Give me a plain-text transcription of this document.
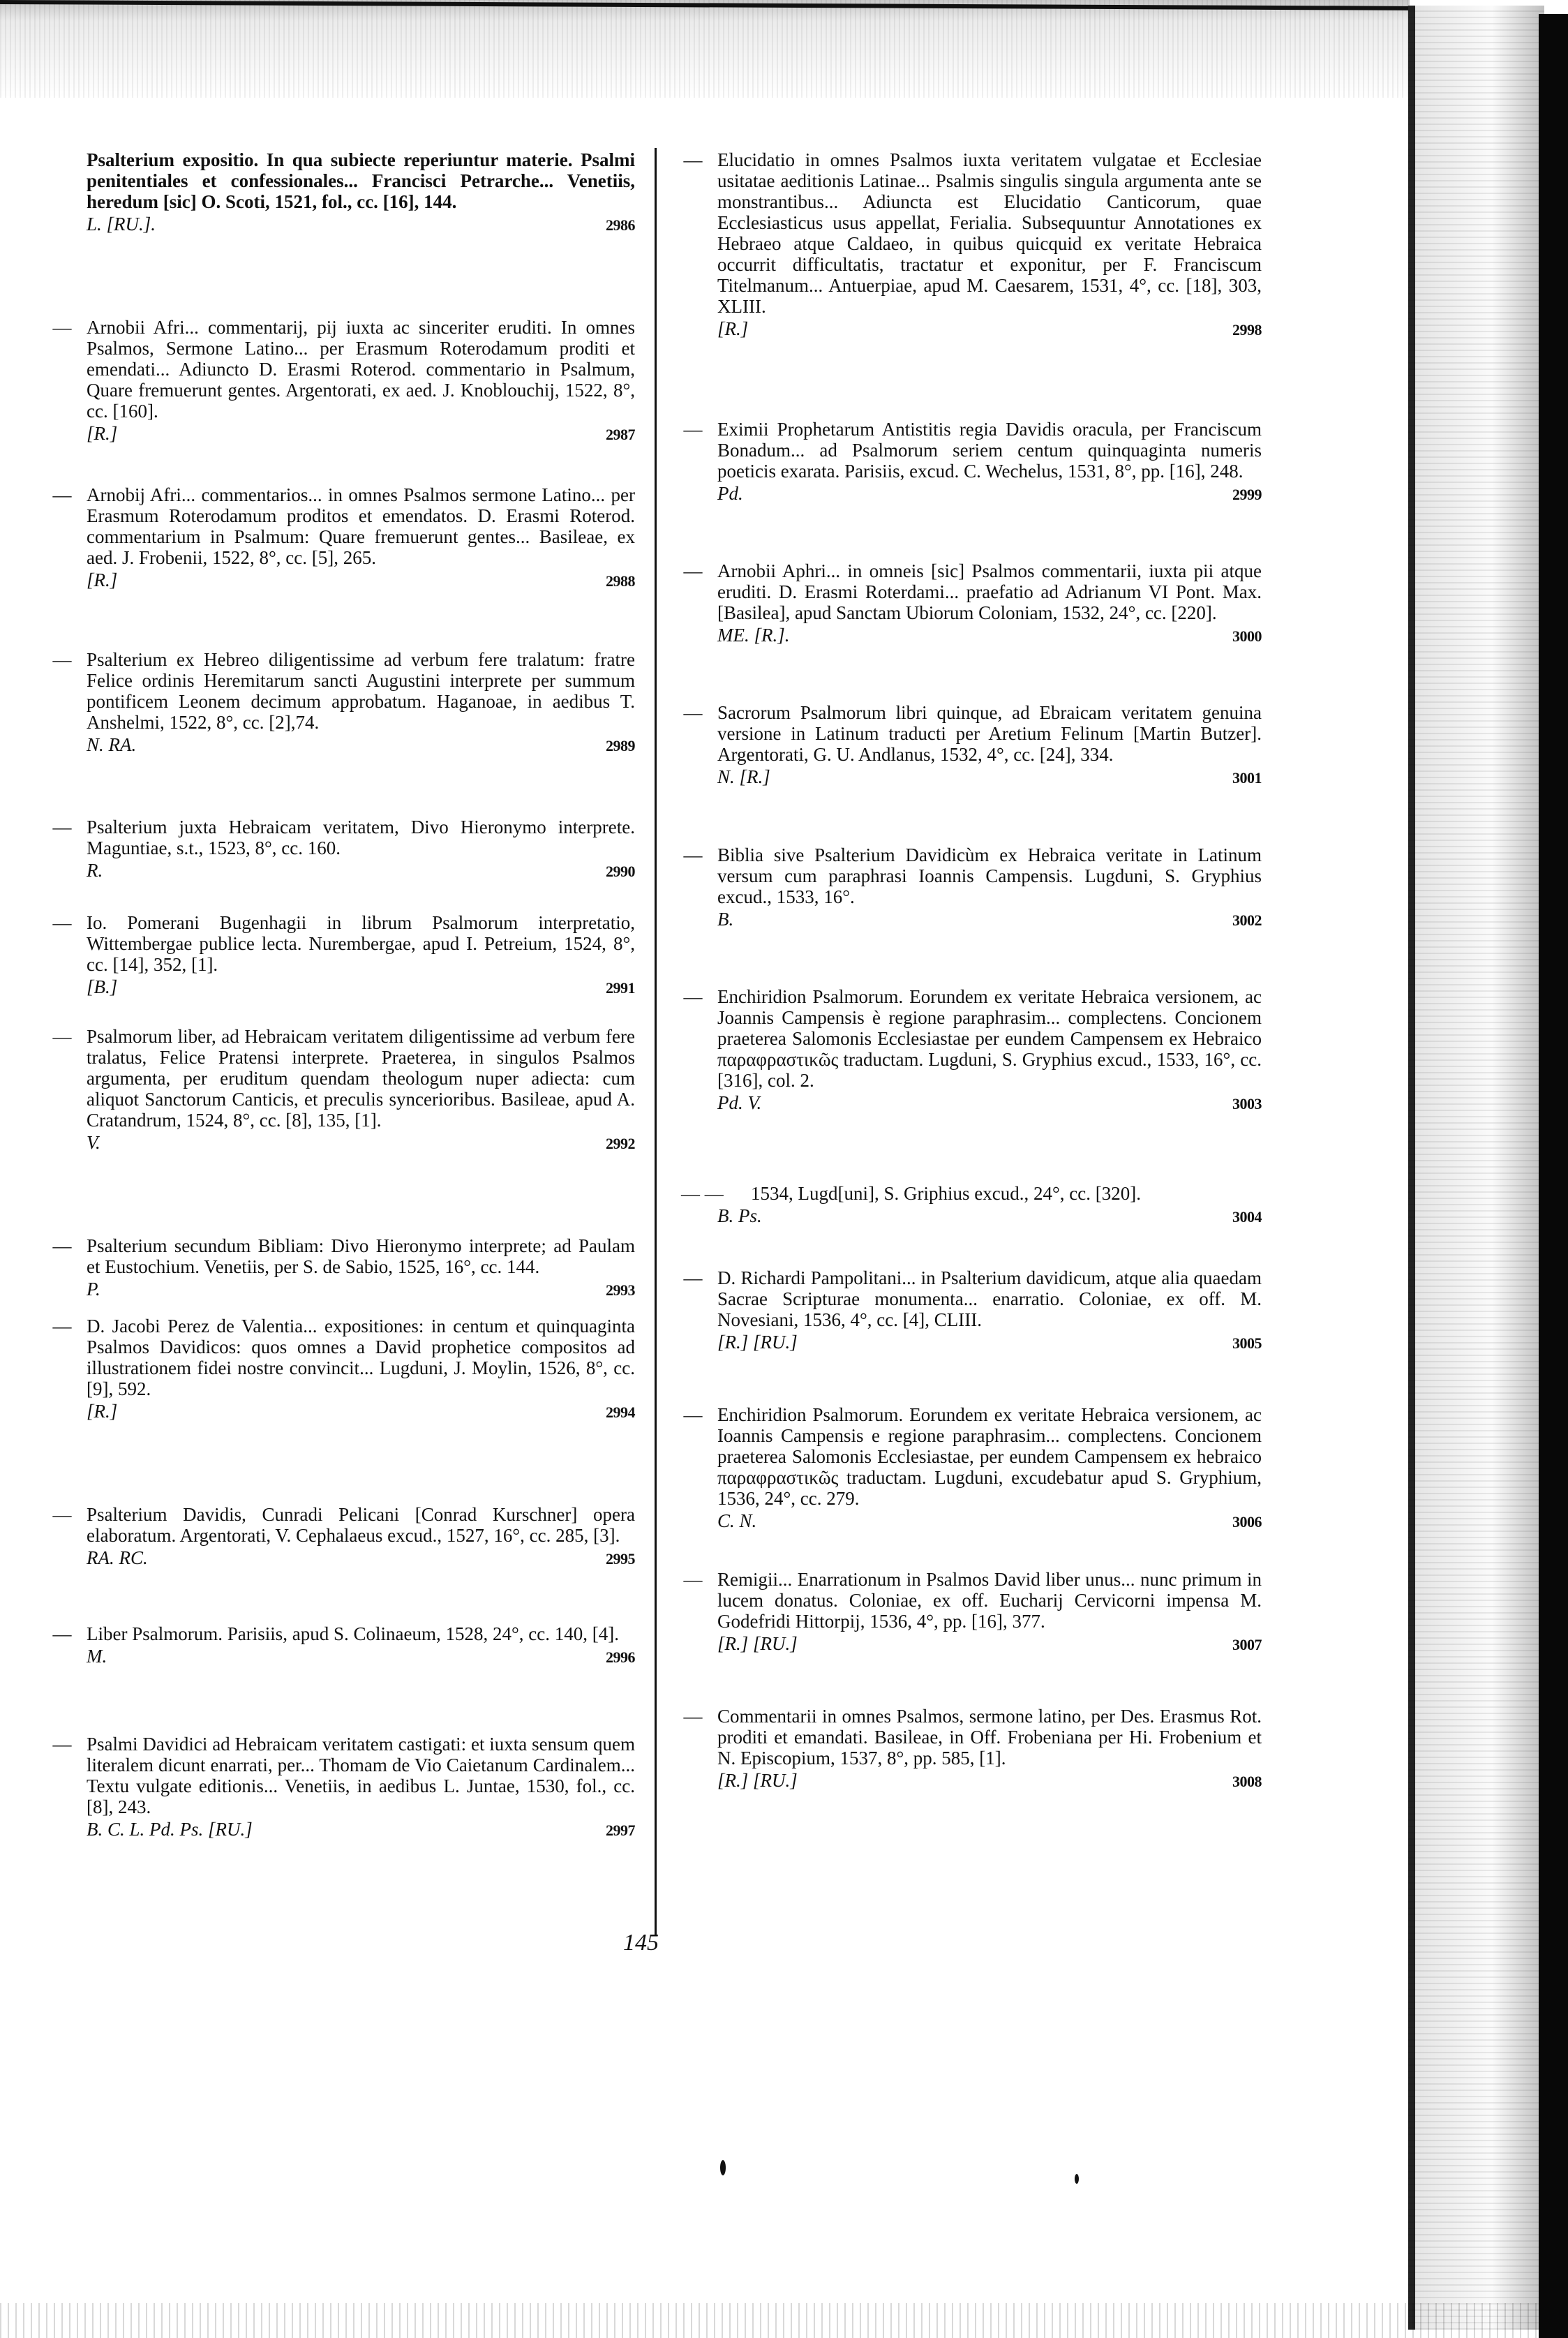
Psalterium expositio. In qua subiecte reperiuntur materie. Psalmi penitentiales et confessionales... Francisci Petrarche... Venetiis, heredum [sic] O. Scoti, 1521, fol., cc. [16], 144.
L. [RU.].	2986
— Arnobii Afri... commentarij, pij iuxta ac sinceriter eruditi. In omnes Psalmos, Sermone Latino... per Erasmum Roterodamum proditi et emendati... Adiuncto D. Erasmi Roterod. commentario in Psalmum, Quare fremuerunt gentes. Argentorati, ex aed. J. Knoblouchij, 1522, 8°, cc. [160].
[R.]	2987
— Arnobij Afri... commentarios... in omnes Psalmos sermone Latino... per Erasmum Roterodamum proditos et emendatos. D. Erasmi Roterod. commentarium in Psalmum: Quare fremuerunt gentes... Basileae, ex aed. J. Frobenii, 1522, 8°, cc. [5], 265.
[R.]	2988
— Psalterium ex Hebreo diligentissime ad verbum fere tralatum: fratre Felice ordinis Heremitarum sancti Augustini interprete per summum pontificem Leonem decimum approbatum. Haganoae, in aedibus T. Anshelmi, 1522, 8°, cc. [2],74.
N. RA.	2989
— Psalterium juxta Hebraicam veritatem, Divo Hieronymo interprete. Maguntiae, s.t., 1523, 8°, cc. 160.
R.	2990
— Io. Pomerani Bugenhagii in librum Psalmorum interpretatio, Wittembergae publice lecta. Nurembergae, apud I. Petreium, 1524, 8°, cc. [14], 352, [1].
[B.]	2991
— Psalmorum liber, ad Hebraicam veritatem diligentissime ad verbum fere tralatus, Felice Pratensi interprete. Praeterea, in singulos Psalmos argumenta, per eruditum quendam theologum nuper adiecta: cum aliquot Sanctorum Canticis, et preculis syncerioribus. Basileae, apud A. Cratandrum, 1524, 8°, cc. [8], 135, [1].
V.	2992
— Psalterium secundum Bibliam: Divo Hieronymo interprete; ad Paulam et Eustochium. Venetiis, per S. de Sabio, 1525, 16°, cc. 144.
P.	2993
— D. Jacobi Perez de Valentia... expositiones: in centum et quinquaginta Psalmos Davidicos: quos omnes a David prophetice compositos ad illustrationem fidei nostre convincit... Lugduni, J. Moylin, 1526, 8°, cc. [9], 592.
[R.]	2994
— Psalterium Davidis, Cunradi Pelicani [Conrad Kurschner] opera elaboratum. Argentorati, V. Cephalaeus excud., 1527, 16°, cc. 285, [3].
RA. RC.	2995
— Liber Psalmorum. Parisiis, apud S. Colinaeum, 1528, 24°, cc. 140, [4].
M.	2996
— Psalmi Davidici ad Hebraicam veritatem castigati: et iuxta sensum quem literalem dicunt enarrati, per... Thomam de Vio Caietanum Cardinalem... Textu vulgate editionis... Venetiis, in aedibus L. Juntae, 1530, fol., cc. [8], 243.
B. C. L. Pd. Ps. [RU.]	2997
— Elucidatio in omnes Psalmos iuxta veritatem vulgatae et Ecclesiae usitatae aeditionis Latinae... Psalmis singulis singula argumenta ante se monstrantibus... Adiuncta est Elucidatio Canticorum, quae Ecclesiasticus usus appellat, Ferialia. Subsequuntur Annotationes ex Hebraeo atque Caldaeo, in quibus quicquid ex veritate Hebraica occurrit difficultatis, tractatur et exponitur, per F. Franciscum Titelmanum... Antuerpiae, apud M. Caesarem, 1531, 4°, cc. [18], 303, XLIII.
[R.]	2998
— Eximii Prophetarum Antistitis regia Davidis oracula, per Franciscum Bonadum... ad Psalmorum seriem centum quinquaginta numeris poeticis exarata. Parisiis, excud. C. Wechelus, 1531, 8°, pp. [16], 248.
Pd.	2999
— Arnobii Aphri... in omneis [sic] Psalmos commentarii, iuxta pii atque eruditi. D. Erasmi Roterdami... praefatio ad Adrianum VI Pont. Max. [Basilea], apud Sanctam Ubiorum Coloniam, 1532, 24°, cc. [220].
ME. [R.].	3000
— Sacrorum Psalmorum libri quinque, ad Ebraicam veritatem genuina versione in Latinum traducti per Aretium Felinum [Martin Butzer]. Argentorati, G. U. Andlanus, 1532, 4°, cc. [24], 334.
N. [R.]	3001
— Biblia sive Psalterium Davidicùm ex Hebraica veritate in Latinum versum cum paraphrasi Ioannis Campensis. Lugduni, S. Gryphius excud., 1533, 16°.
B.	3002
— Enchiridion Psalmorum. Eorundem ex veritate Hebraica versionem, ac Joannis Campensis è regione paraphrasim... complectens. Concionem praeterea Salomonis Ecclesiastae per eundem Campensem ex Hebraico παραφραστικῶς traductam. Lugduni, S. Gryphius excud., 1533, 16°, cc. [316], col. 2.
Pd. V.	3003
— —	1534, Lugd[uni], S. Griphius excud., 24°, cc. [320].
B. Ps.	3004
— D. Richardi Pampolitani... in Psalterium davidicum, atque alia quaedam Sacrae Scripturae monumenta... enarratio. Coloniae, ex off. M. Novesiani, 1536, 4°, cc. [4], CLIII.
[R.] [RU.]	3005
— Enchiridion Psalmorum. Eorundem ex veritate Hebraica versionem, ac Ioannis Campensis e regione paraphrasim... complectens. Concionem praeterea Salomonis Ecclesiastae, per eundem Campensem ex hebraico παραφραστικῶς traductam. Lugduni, excudebatur apud S. Gryphium, 1536, 24°, cc. 279.
C. N.	3006
— Remigii... Enarrationum in Psalmos David liber unus... nunc primum in lucem donatus. Coloniae, ex off. Eucharij Cervicorni impensa M. Godefridi Hittorpij, 1536, 4°, pp. [16], 377.
[R.] [RU.]	3007
— Commentarii in omnes Psalmos, sermone latino, per Des. Erasmus Rot. proditi et emandati. Basileae, in Off. Frobeniana per Hi. Frobenium et N. Episcopium, 1537, 8°, pp. 585, [1].
[R.] [RU.]	3008
145
